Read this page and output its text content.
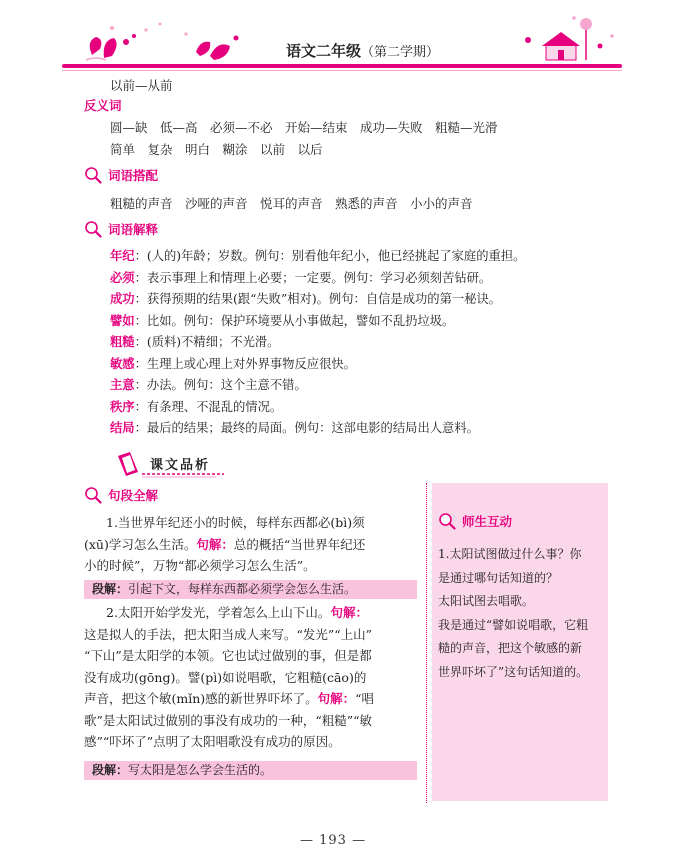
语文二年级（第二学期）
以前—从前
反义词
圆—缺　低—高　必须—不必　开始—结束　成功—失败　粗糙—光滑
简单　复杂　明白　糊涂　以前　以后
词语搭配
粗糙的声音　沙哑的声音　悦耳的声音　熟悉的声音　小小的声音
词语解释
年纪：(人的)年龄；岁数。例句：别看他年纪小，他已经挑起了家庭的重担。
必须：表示事理上和情理上必要；一定要。例句：学习必须刻苦钻研。
成功：获得预期的结果(跟“失败”相对)。例句：自信是成功的第一秘诀。
譬如：比如。例句：保护环境要从小事做起，譬如不乱扔垃圾。
粗糙：(质料)不精细；不光滑。
敏感：生理上或心理上对外界事物反应很快。
主意：办法。例句：这个主意不错。
秩序：有条理、不混乱的情况。
结局：最后的结果；最终的局面。例句：这部电影的结局出人意料。
课文品析
句段全解
1.当世界年纪还小的时候，每样东西都必(bì)须
(xū)学习怎么生活。句解：总的概括“当世界年纪还
小的时候”，万物“都必须学习怎么生活”。
段解：引起下文，每样东西都必须学会怎么生活。
2.太阳开始学发光，学着怎么上山下山。句解：
这是拟人的手法，把太阳当成人来写。“发光”“上山”
“下山”是太阳学的本领。它也试过做别的事，但是都
没有成功(gōng)。譬(pì)如说唱歌，它粗糙(cāo)的
声音，把这个敏(mǐn)感的新世界吓坏了。句解：“唱
歌”是太阳试过做别的事没有成功的一种，“粗糙”“敏
感”“吓坏了”点明了太阳唱歌没有成功的原因。
段解：写太阳是怎么学会生活的。
师生互动
1.太阳试图做过什么事？你
是通过哪句话知道的？
太阳试图去唱歌。
我是通过“譬如说唱歌，它粗
糙的声音，把这个敏感的新
世界吓坏了”这句话知道的。
— 193 —
